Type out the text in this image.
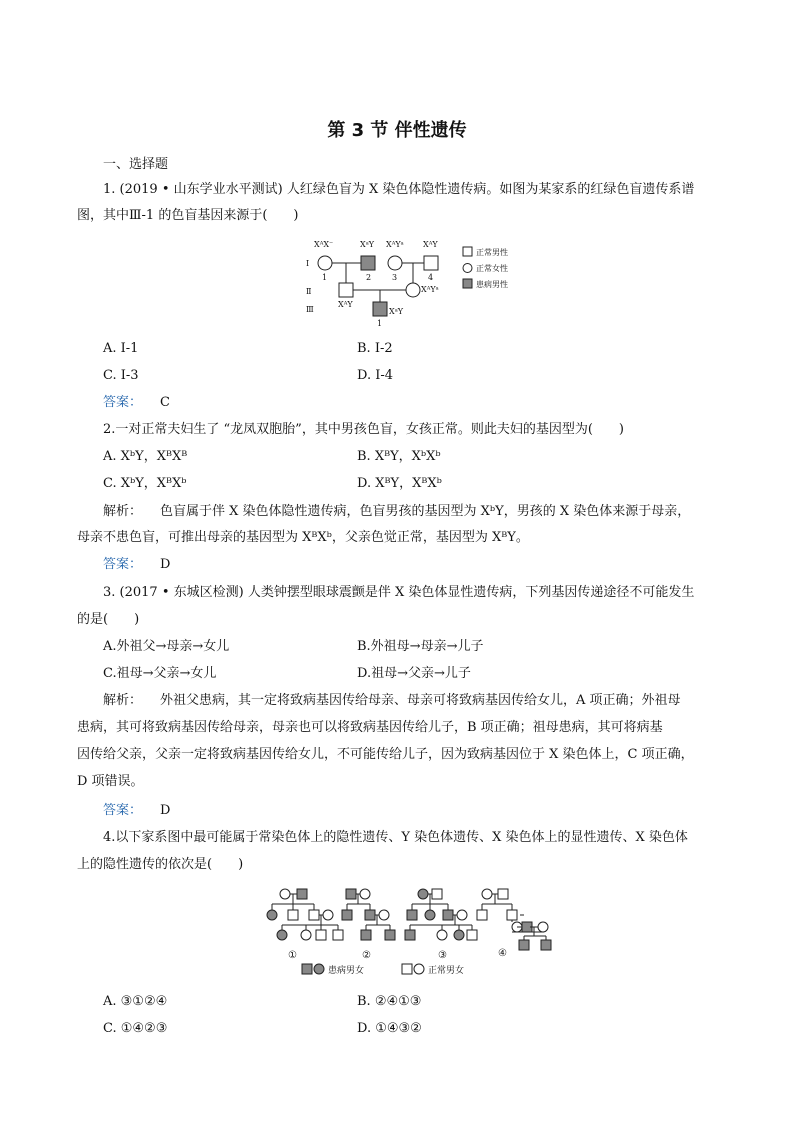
第 3 节 伴性遗传
一、选择题
1. (2019 • 山东学业水平测试) 人红绿色盲为 X 染色体隐性遗传病。如图为某家系的红绿色盲遗传系谱
图，其中Ⅲ-1 的色盲基因来源于(　　)
XᴬX⁻	XᵃY XᴬYᵃ XᴬY
1	2	3	4
XᴬY
XᴬYᵃ
XᵃY
1
Ⅰ
Ⅱ
Ⅲ
正常男性
正常女性
患病男性
A. Ⅰ-1	B. Ⅰ-2
C. Ⅰ-3	D. Ⅰ-4
答案： C
2.一对正常夫妇生了 “龙凤双胞胎”，其中男孩色盲，女孩正常。则此夫妇的基因型为(　　)
A. XᵇY，XᴮXᴮ	B. XᴮY，XᵇXᵇ
C. XᵇY，XᴮXᵇ	D. XᴮY，XᴮXᵇ
解析： 色盲属于伴 X 染色体隐性遗传病，色盲男孩的基因型为 XᵇY，男孩的 X 染色体来源于母亲，
母亲不患色盲，可推出母亲的基因型为 XᴮXᵇ，父亲色觉正常，基因型为 XᴮY。
答案： D
3. (2017 • 东城区检测) 人类钟摆型眼球震颤是伴 X 染色体显性遗传病，下列基因传递途径不可能发生
的是(　　)
A.外祖父→母亲→女儿	B.外祖母→母亲→儿子
C.祖母→父亲→女儿	D.祖母→父亲→儿子
解析： 外祖父患病，其一定将致病基因传给母亲、母亲可将致病基因传给女儿，A 项正确；外祖母
患病，其可将致病基因传给母亲，母亲也可以将致病基因传给儿子，B 项正确；祖母患病，其可将病基
因传给父亲，父亲一定将致病基因传给女儿，不可能传给儿子，因为致病基因位于 X 染色体上，C 项正确，
D 项错误。
答案： D
4.以下家系图中最可能属于常染色体上的隐性遗传、Y 染色体遗传、X 染色体上的显性遗传、X 染色体
上的隐性遗传的依次是(　　)
①	②	③	④
患病男女	正常男女
A. ③①②④	B. ②④①③
C. ①④②③	D. ①④③②
